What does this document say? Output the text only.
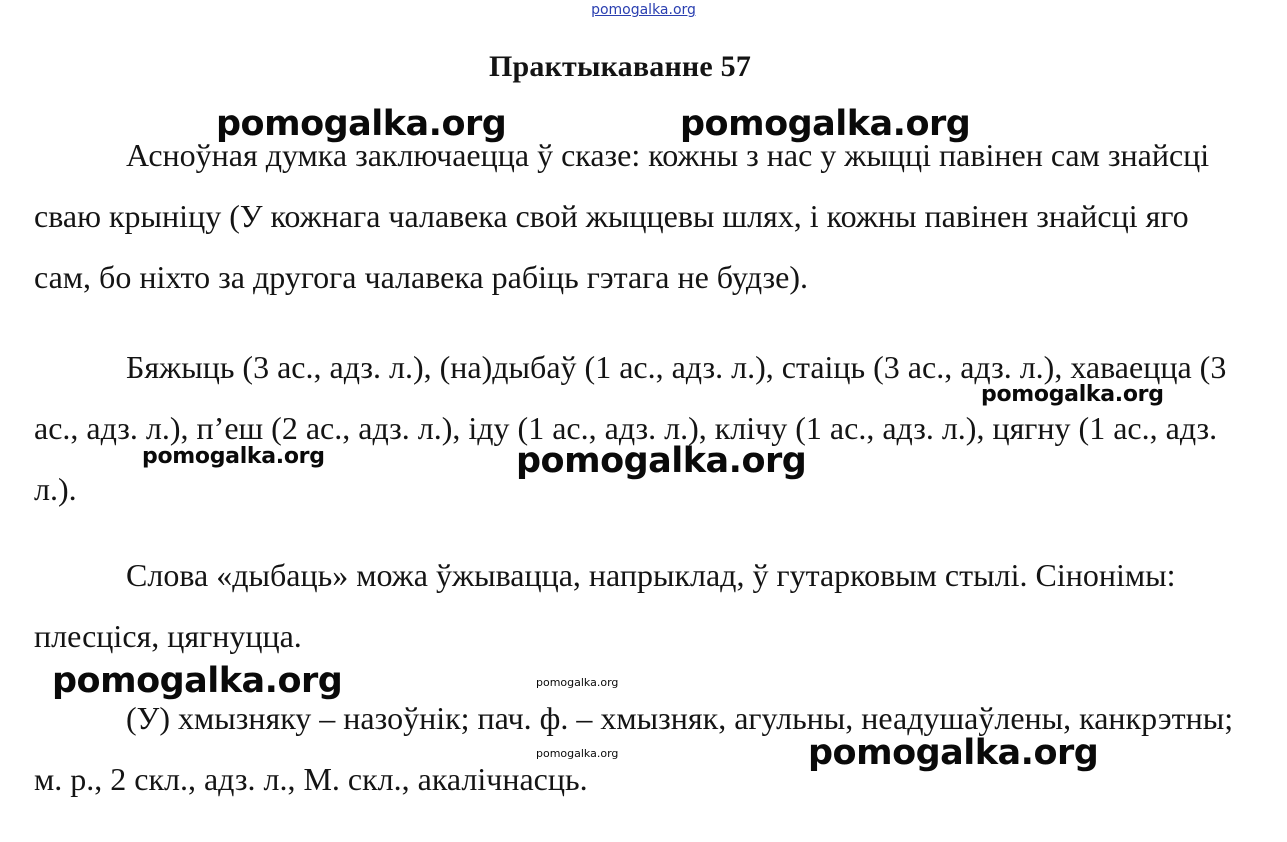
pomogalka.org
Практыкаванне 57

Асноўная думка заключаецца ў сказе: кожны з нас у жыцці павінен сам знайсці сваю крыніцу (У кожнага чалавека свой жыццевы шлях, і кожны павінен знайсці яго сам, бо ніхто за другога чалавека рабіць гэтага не будзе).

Бяжыць (3 ас., адз. л.), (на)дыбаў (1 ас., адз. л.), стаіць (3 ас., адз. л.), хаваецца (3 ас., адз. л.), п’еш (2 ас., адз. л.), іду (1 ас., адз. л.), клічу (1 ас., адз. л.), цягну (1 ас., адз. л.).

Слова «дыбаць» можа ўжывацца, напрыклад, ў гутарковым стылі. Сінонімы: плесціся, цягнуцца.

(У) хмызняку – назоўнік; пач. ф. – хмызняк, агульны, неадушаўлены, канкрэтны; м. р., 2 скл., адз. л., М. скл., акалічнасць.

pomogalka.org	pomogalka.org
pomogalka.org
pomogalka.org	pomogalka.org
pomogalka.org	pomogalka.org
pomogalka.org	pomogalka.org
